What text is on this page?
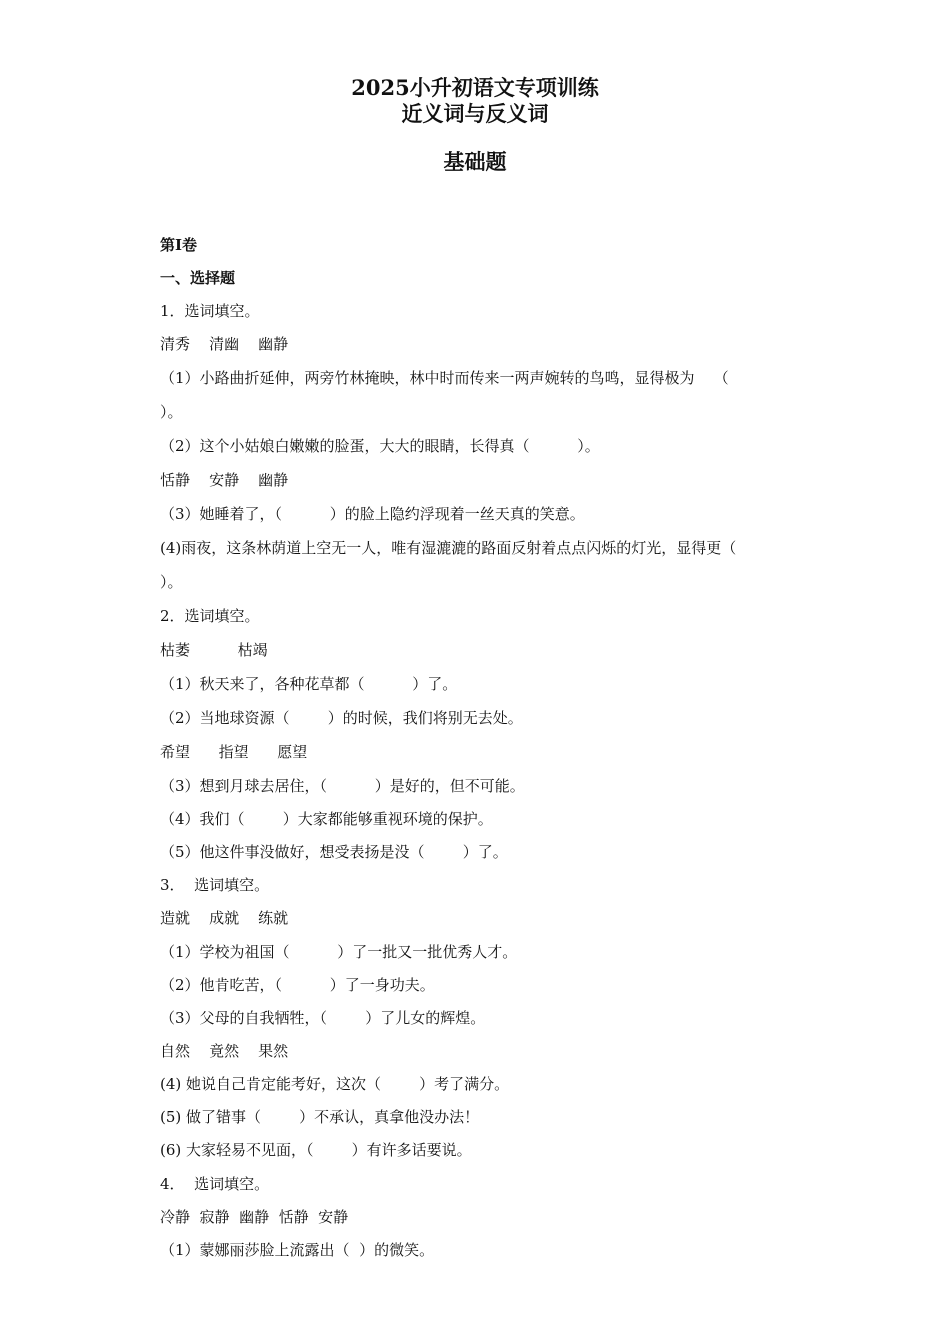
2025小升初语文专项训练
近义词与反义词
基础题
第Ⅰ卷
一、选择题
1．选词填空。
清秀    清幽    幽静
（1）小路曲折延伸，两旁竹林掩映，林中时而传来一两声婉转的鸟鸣，显得极为    （
）。
（2）这个小姑娘白嫩嫩的脸蛋，大大的眼睛，长得真（          ）。
恬静    安静    幽静
（3）她睡着了，（          ）的脸上隐约浮现着一丝天真的笑意。
(4)雨夜，这条林荫道上空无一人，唯有湿漉漉的路面反射着点点闪烁的灯光，显得更（
）。
2．选词填空。
枯萎          枯竭
（1）秋天来了，各种花草都（          ）了。
（2）当地球资源（        ）的时候，我们将别无去处。
希望      指望      愿望
（3）想到月球去居住，（          ）是好的，但不可能。
（4）我们（        ）大家都能够重视环境的保护。
（5）他这件事没做好，想受表扬是没（        ）了。
3．  选词填空。
造就    成就    练就
（1）学校为祖国（          ）了一批又一批优秀人才。
（2）他肯吃苦，（          ）了一身功夫。
（3）父母的自我牺牲，（        ）了儿女的辉煌。
自然    竟然    果然
(4) 她说自己肯定能考好，这次（        ）考了满分。
(5) 做了错事（        ）不承认，真拿他没办法！
(6) 大家轻易不见面，（        ）有许多话要说。
4．  选词填空。
冷静  寂静  幽静  恬静  安静
（1）蒙娜丽莎脸上流露出（  ）的微笑。
